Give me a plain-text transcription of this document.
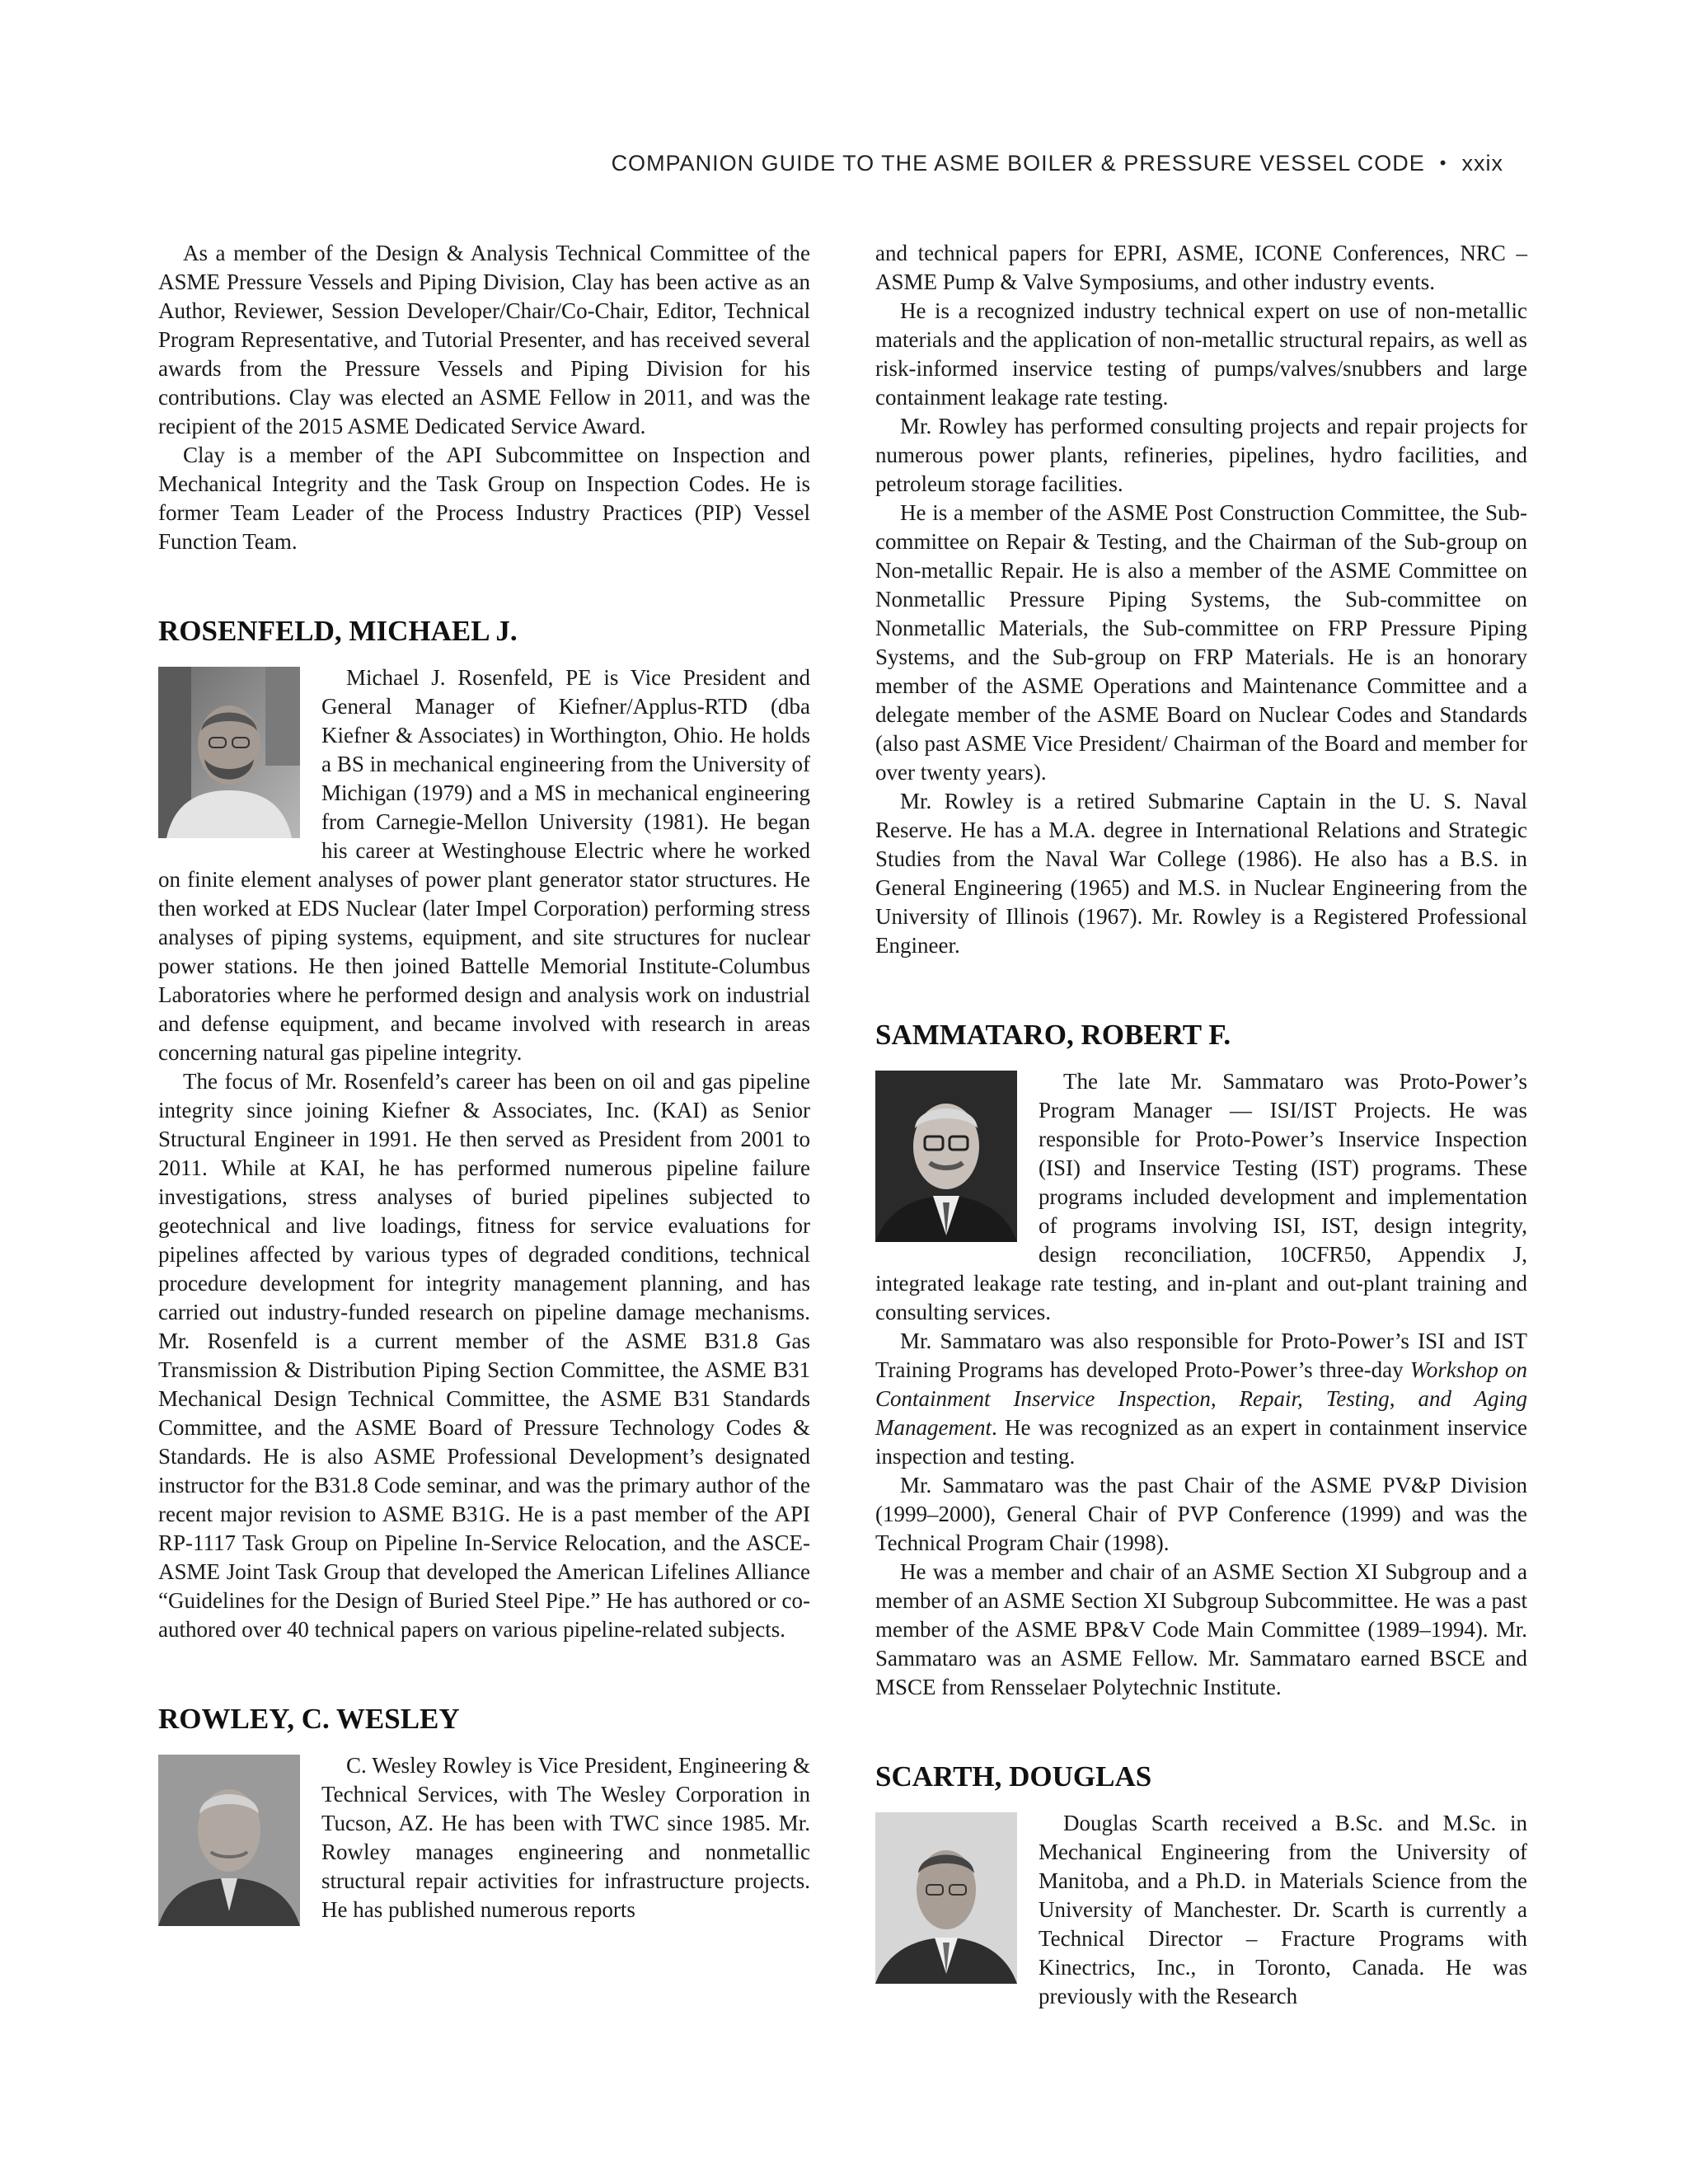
COMPANION GUIDE TO THE ASME BOILER & PRESSURE VESSEL CODE • xxix

As a member of the Design & Analysis Technical Committee of the ASME Pressure Vessels and Piping Division, Clay has been active as an Author, Reviewer, Session Developer/Chair/Co-Chair, Editor, Technical Program Representative, and Tutorial Presenter, and has received several awards from the Pressure Vessels and Piping Division for his contributions. Clay was elected an ASME Fellow in 2011, and was the recipient of the 2015 ASME Dedicated Service Award.

Clay is a member of the API Subcommittee on Inspection and Mechanical Integrity and the Task Group on Inspection Codes. He is former Team Leader of the Process Industry Practices (PIP) Vessel Function Team.

ROSENFELD, MICHAEL J.

Michael J. Rosenfeld, PE is Vice President and General Manager of Kiefner/Applus-RTD (dba Kiefner & Associates) in Worthington, Ohio. He holds a BS in mechanical engineering from the University of Michigan (1979) and a MS in mechanical engineering from Carnegie-Mellon University (1981). He began his career at Westinghouse Electric where he worked on finite element analyses of power plant generator stator structures. He then worked at EDS Nuclear (later Impel Corporation) performing stress analyses of piping systems, equipment, and site structures for nuclear power stations. He then joined Battelle Memorial Institute-Columbus Laboratories where he performed design and analysis work on industrial and defense equipment, and became involved with research in areas concerning natural gas pipeline integrity.

The focus of Mr. Rosenfeld’s career has been on oil and gas pipeline integrity since joining Kiefner & Associates, Inc. (KAI) as Senior Structural Engineer in 1991. He then served as President from 2001 to 2011. While at KAI, he has performed numerous pipeline failure investigations, stress analyses of buried pipelines subjected to geotechnical and live loadings, fitness for service evaluations for pipelines affected by various types of degraded conditions, technical procedure development for integrity management planning, and has carried out industry-funded research on pipeline damage mechanisms. Mr. Rosenfeld is a current member of the ASME B31.8 Gas Transmission & Distribution Piping Section Committee, the ASME B31 Mechanical Design Technical Committee, the ASME B31 Standards Committee, and the ASME Board of Pressure Technology Codes & Standards. He is also ASME Professional Development’s designated instructor for the B31.8 Code seminar, and was the primary author of the recent major revision to ASME B31G. He is a past member of the API RP-1117 Task Group on Pipeline In-Service Relocation, and the ASCE-ASME Joint Task Group that developed the American Lifelines Alliance “Guidelines for the Design of Buried Steel Pipe.” He has authored or co-authored over 40 technical papers on various pipeline-related subjects.

ROWLEY, C. WESLEY

C. Wesley Rowley is Vice President, Engineering & Technical Services, with The Wesley Corporation in Tucson, AZ. He has been with TWC since 1985. Mr. Rowley manages engineering and nonmetallic structural repair activities for infrastructure projects. He has published numerous reports

and technical papers for EPRI, ASME, ICONE Conferences, NRC – ASME Pump & Valve Symposiums, and other industry events.

He is a recognized industry technical expert on use of non-metallic materials and the application of non-metallic structural repairs, as well as risk-informed inservice testing of pumps/valves/snubbers and large containment leakage rate testing.

Mr. Rowley has performed consulting projects and repair projects for numerous power plants, refineries, pipelines, hydro facilities, and petroleum storage facilities.

He is a member of the ASME Post Construction Committee, the Sub-committee on Repair & Testing, and the Chairman of the Sub-group on Non-metallic Repair. He is also a member of the ASME Committee on Nonmetallic Pressure Piping Systems, the Sub-committee on Nonmetallic Materials, the Sub-committee on FRP Pressure Piping Systems, and the Sub-group on FRP Materials. He is an honorary member of the ASME Operations and Maintenance Committee and a delegate member of the ASME Board on Nuclear Codes and Standards (also past ASME Vice President/ Chairman of the Board and member for over twenty years).

Mr. Rowley is a retired Submarine Captain in the U. S. Naval Reserve. He has a M.A. degree in International Relations and Strategic Studies from the Naval War College (1986). He also has a B.S. in General Engineering (1965) and M.S. in Nuclear Engineering from the University of Illinois (1967). Mr. Rowley is a Registered Professional Engineer.

SAMMATARO, ROBERT F.

The late Mr. Sammataro was Proto-Power’s Program Manager — ISI/IST Projects. He was responsible for Proto-Power’s Inservice Inspection (ISI) and Inservice Testing (IST) programs. These programs included development and implementation of programs involving ISI, IST, design integrity, design reconciliation, 10CFR50, Appendix J, integrated leakage rate testing, and in-plant and out-plant training and consulting services.

Mr. Sammataro was also responsible for Proto-Power’s ISI and IST Training Programs has developed Proto-Power’s three-day Workshop on Containment Inservice Inspection, Repair, Testing, and Aging Management. He was recognized as an expert in containment inservice inspection and testing.

Mr. Sammataro was the past Chair of the ASME PV&P Division (1999–2000), General Chair of PVP Conference (1999) and was the Technical Program Chair (1998).

He was a member and chair of an ASME Section XI Subgroup and a member of an ASME Section XI Subgroup Subcommittee. He was a past member of the ASME BP&V Code Main Committee (1989–1994). Mr. Sammataro was an ASME Fellow. Mr. Sammataro earned BSCE and MSCE from Rensselaer Polytechnic Institute.

SCARTH, DOUGLAS

Douglas Scarth received a B.Sc. and M.Sc. in Mechanical Engineering from the University of Manitoba, and a Ph.D. in Materials Science from the University of Manchester. Dr. Scarth is currently a Technical Director – Fracture Programs with Kinectrics, Inc., in Toronto, Canada. He was previously with the Research
